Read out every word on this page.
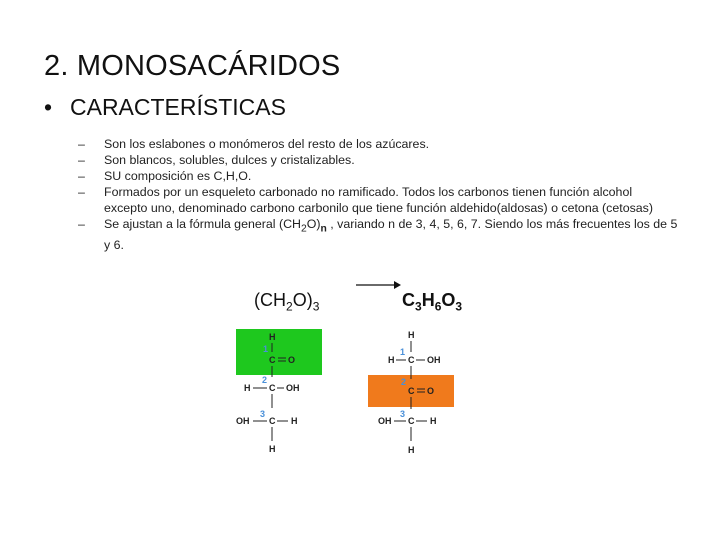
2. MONOSACÁRIDOS
• CARACTERÍSTICAS
– Son los eslabones o monómeros del resto de los azúcares.
– Son blancos, solubles, dulces y cristalizables.
– SU composición es C,H,O.
– Formados por un esqueleto carbonado no ramificado. Todos los carbonos tienen función alcohol excepto uno, denominado carbono carbonilo que tiene función aldehido(aldosas) o cetona (cetosas)
– Se ajustan a la fórmula general $(CH_2O)_n$ , variando n de 3, 4, 5, 6, 7. Siendo los más frecuentes los de 5 y 6.
$(CH_2O)_3$	$C_3H_6O_3$
H
1
C O
2
H C OH
3
OH C H
H
H
1
H C OH
2
C O
3
OH C H
H
